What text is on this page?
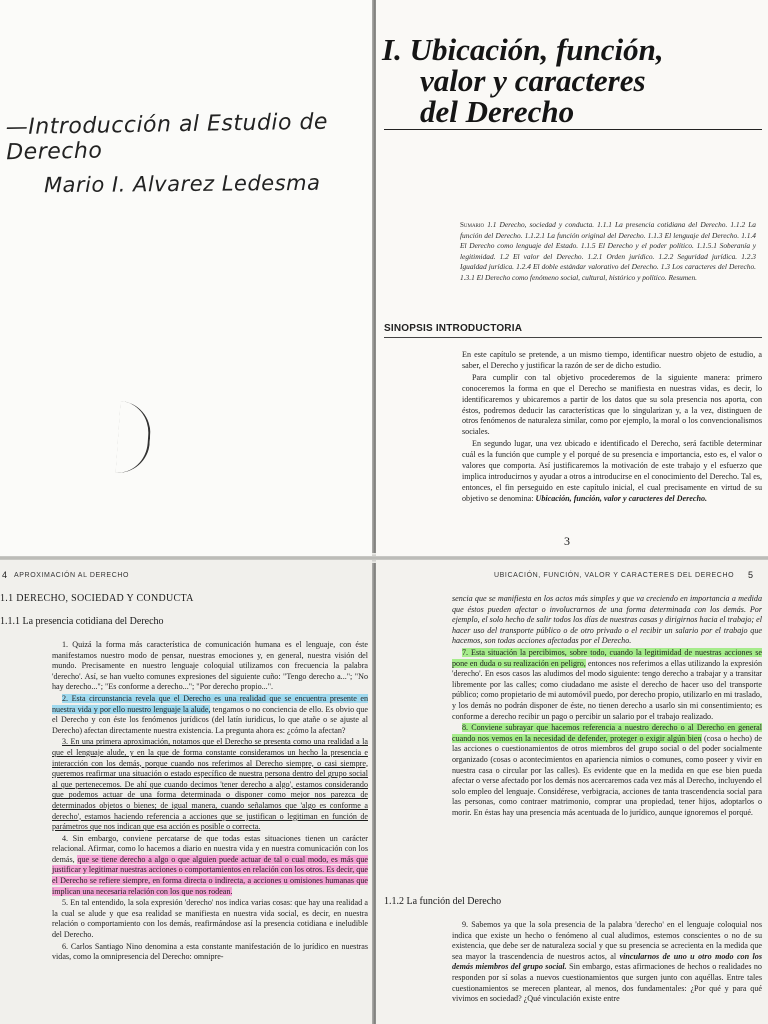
—Introducción al Estudio de Derecho
Mario I. Alvarez Ledesma
I. Ubicación, función,
valor y caracteres
del Derecho
Sumario 1.1 Derecho, sociedad y conducta. 1.1.1 La presencia cotidiana del Derecho. 1.1.2 La función del Derecho. 1.1.2.1 La función original del Derecho. 1.1.3 El lenguaje del Derecho. 1.1.4 El Derecho como lenguaje del Estado. 1.1.5 El Derecho y el poder político. 1.1.5.1 Soberanía y legitimidad. 1.2 El valor del Derecho. 1.2.1 Orden jurídico. 1.2.2 Seguridad jurídica. 1.2.3 Igualdad jurídica. 1.2.4 El doble estándar valorativo del Derecho. 1.3 Los caracteres del Derecho. 1.3.1 El Derecho como fenómeno social, cultural, histórico y político. Resumen.
SINOPSIS INTRODUCTORIA

En este capítulo se pretende, a un mismo tiempo, identificar nuestro objeto de estudio, a saber, el Derecho y justificar la razón de ser de dicho estudio.

Para cumplir con tal objetivo procederemos de la siguiente manera: primero conoceremos la forma en que el Derecho se manifiesta en nuestras vidas, es decir, lo identificaremos y ubicaremos a partir de los datos que su sola presencia nos aporta, con éstos, podremos deducir las características que lo singularizan y, a la vez, distinguen de otros fenómenos de naturaleza similar, como por ejemplo, la moral o los convencionalismos sociales.

En segundo lugar, una vez ubicado e identificado el Derecho, será factible determinar cuál es la función que cumple y el porqué de su presencia e importancia, esto es, el valor o valores que comporta. Así justificaremos la motivación de este trabajo y el esfuerzo que implica introducirnos y ayudar a otros a introducirse en el conocimiento del Derecho. Tal es, entonces, el fin perseguido en este capítulo inicial, el cual precisamente en virtud de su objetivo se denomina: Ubicación, función, valor y caracteres del Derecho.

3
4 APROXIMACIÓN AL DERECHO
1.1 DERECHO, SOCIEDAD Y CONDUCTA
1.1.1 La presencia cotidiana del Derecho

1. Quizá la forma más característica de comunicación humana es el lenguaje, con éste manifestamos nuestro modo de pensar, nuestras emociones y, en general, nuestra visión del mundo. Precisamente en nuestro lenguaje coloquial utilizamos con frecuencia la palabra 'derecho'. Así, se han vuelto comunes expresiones del siguiente cuño: "Tengo derecho a..."; "No hay derecho..."; "Es conforme a derecho..."; "Por derecho propio...".

2. Esta circunstancia revela que el Derecho es una realidad que se encuentra presente en nuestra vida y por ello nuestro lenguaje la alude, tengamos o no conciencia de ello. Es obvio que el Derecho y con éste los fenómenos jurídicos (del latín iuridicus, lo que atañe o se ajuste al Derecho) afectan directamente nuestra existencia. La pregunta ahora es: ¿cómo la afectan?

3. En una primera aproximación, notamos que el Derecho se presenta como una realidad a la que el lenguaje alude, y en la que de forma constante consideramos un hecho la presencia e interacción con los demás, porque cuando nos referimos al Derecho siempre, o casi siempre, queremos reafirmar una situación o estado específico de nuestra persona dentro del grupo social al que pertenecemos. De ahí que cuando decimos 'tener derecho a algo', estamos considerando que podemos actuar de una forma determinada o disponer como mejor nos parezca de determinados objetos o bienes; de igual manera, cuando señalamos que 'algo es conforme a derecho', estamos haciendo referencia a acciones que se justifican o legitiman en función de parámetros que nos indican que esa acción es posible o correcta.

4. Sin embargo, conviene percatarse de que todas estas situaciones tienen un carácter relacional. Afirmar, como lo hacemos a diario en nuestra vida y en nuestra comunicación con los demás, que se tiene derecho a algo o que alguien puede actuar de tal o cual modo, es más que justificar y legitimar nuestras acciones o comportamientos en relación con los otros. Es decir, que el Derecho se refiere siempre, en forma directa o indirecta, a acciones u omisiones humanas que implican una necesaria relación con los que nos rodean.

5. En tal entendido, la sola expresión 'derecho' nos indica varias cosas: que hay una realidad a la cual se alude y que esa realidad se manifiesta en nuestra vida social, es decir, en nuestra relación o comportamiento con los demás, reafirmándose así la presencia cotidiana e ineludible del Derecho.

6. Carlos Santiago Nino denomina a esta constante manifestación de lo jurídico en nuestras vidas, como la omnipresencia del Derecho: omnipre-

UBICACIÓN, FUNCIÓN, VALOR Y CARACTERES DEL DERECHO 5

sencia que se manifiesta en los actos más simples y que va creciendo en importancia a medida que éstos pueden afectar o involucrarnos de una forma determinada con los demás. Por ejemplo, el solo hecho de salir todos los días de nuestras casas y dirigirnos hacia el trabajo; el hacer uso del transporte público o de otro privado o el recibir un salario por el trabajo que hacemos, son todas acciones afectadas por el Derecho.

7. Esta situación la percibimos, sobre todo, cuando la legitimidad de nuestras acciones se pone en duda o su realización en peligro, entonces nos referimos a ellas utilizando la expresión 'derecho'. En esos casos las aludimos del modo siguiente: tengo derecho a trabajar y a transitar libremente por las calles; como ciudadano me asiste el derecho de hacer uso del transporte público; como propietario de mi automóvil puedo, por derecho propio, utilizarlo en mi traslado, y los demás no podrán disponer de éste, no tienen derecho a usarlo sin mi consentimiento; es conforme a derecho recibir un pago o percibir un salario por el trabajo realizado.

8. Conviene subrayar que hacemos referencia a nuestro derecho o al Derecho en general cuando nos vemos en la necesidad de defender, proteger o exigir algún bien (cosa o hecho) de las acciones o cuestionamientos de otros miembros del grupo social o del poder socialmente organizado (cosas o acontecimientos en apariencia nimios o comunes, como poseer y vivir en nuestra casa o circular por las calles). Es evidente que en la medida en que ese bien pueda afectar o verse afectado por los demás nos acercaremos cada vez más al Derecho, incluyendo el solo empleo del lenguaje. Considérese, verbigracia, acciones de tanta trascendencia social para las personas, como contraer matrimonio, comprar una propiedad, tener hijos, adoptarlos o morir. En éstas hay una presencia más acentuada de lo jurídico, aunque ignoremos el porqué.

1.1.2 La función del Derecho

9. Sabemos ya que la sola presencia de la palabra 'derecho' en el lenguaje coloquial nos indica que existe un hecho o fenómeno al cual aludimos, estemos conscientes o no de su existencia, que debe ser de naturaleza social y que su presencia se acrecienta en la medida que sea mayor la trascendencia de nuestros actos, al vincularnos de uno u otro modo con los demás miembros del grupo social. Sin embargo, estas afirmaciones de hechos o realidades no responden por sí solas a nuevos cuestionamientos que surgen junto con aquéllas. Entre tales cuestionamientos se merecen plantear, al menos, dos fundamentales: ¿Por qué y para qué vivimos en sociedad? ¿Qué vinculación existe entre
